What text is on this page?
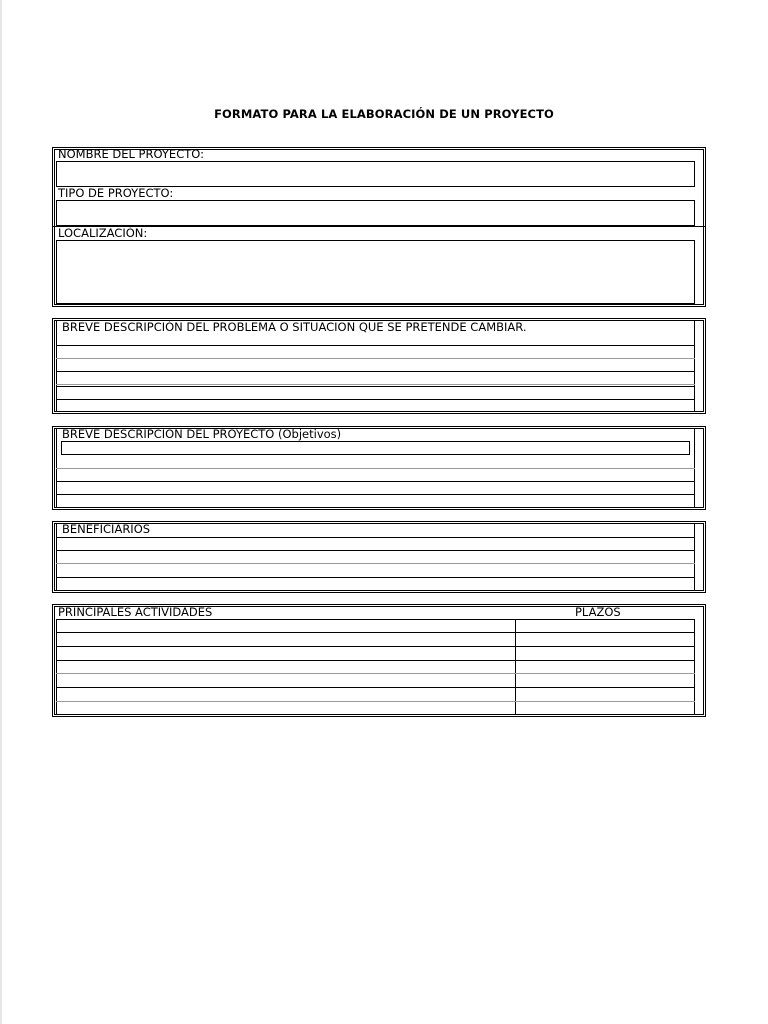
FORMATO PARA LA ELABORACIÓN DE UN PROYECTO
NOMBRE DEL PROYECTO:
TIPO DE PROYECTO:
LOCALIZACIÓN:
BREVE DESCRIPCIÓN DEL PROBLEMA O SITUACION QUE SE PRETENDE CAMBIAR.
BREVE DESCRIPCION DEL PROYECTO (Objetivos)
BENEFICIARIOS
PRINCIPALES ACTIVIDADES	PLAZOS
